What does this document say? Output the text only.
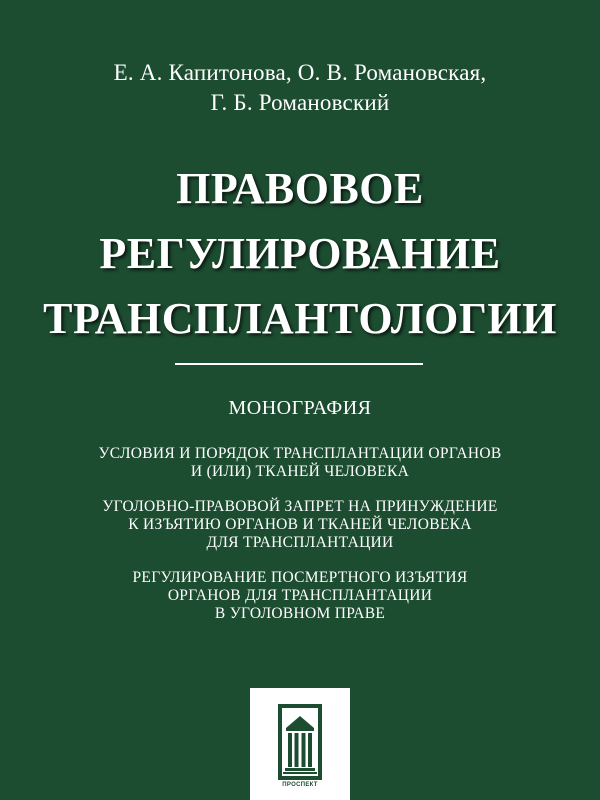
Е. А. Капитонова, О. В. Романовская,
Г. Б. Романовский
ПРАВОВОЕ
РЕГУЛИРОВАНИЕ
ТРАНСПЛАНТОЛОГИИ
МОНОГРАФИЯ
УСЛОВИЯ И ПОРЯДОК ТРАНСПЛАНТАЦИИ ОРГАНОВ
И (ИЛИ) ТКАНЕЙ ЧЕЛОВЕКА
УГОЛОВНО-ПРАВОВОЙ ЗАПРЕТ НА ПРИНУЖДЕНИЕ
К ИЗЪЯТИЮ ОРГАНОВ И ТКАНЕЙ ЧЕЛОВЕКА
ДЛЯ ТРАНСПЛАНТАЦИИ
РЕГУЛИРОВАНИЕ ПОСМЕРТНОГО ИЗЪЯТИЯ
ОРГАНОВ ДЛЯ ТРАНСПЛАНТАЦИИ
В УГОЛОВНОМ ПРАВЕ
ПРОСПЕКТ
